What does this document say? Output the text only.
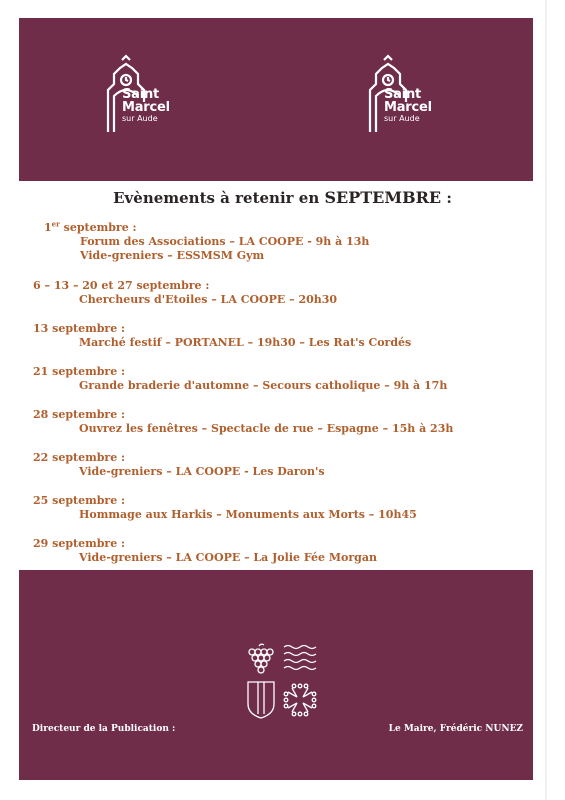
Saint
Marcel
sur Aude
Saint
Marcel
sur Aude
Evènements à retenir en SEPTEMBRE :
1er septembre :
Forum des Associations – LA COOPE - 9h à 13h
Vide-greniers – ESSMSM Gym
6 – 13 – 20 et 27 septembre :
Chercheurs d'Etoiles – LA COOPE – 20h30
13 septembre :
Marché festif – PORTANEL – 19h30 – Les Rat's Cordés
21 septembre :
Grande braderie d'automne – Secours catholique – 9h à 17h
28 septembre :
Ouvrez les fenêtres – Spectacle de rue – Espagne – 15h à 23h
22 septembre :
Vide-greniers – LA COOPE - Les Daron's
25 septembre :
Hommage aux Harkis – Monuments aux Morts – 10h45
29 septembre :
Vide-greniers – LA COOPE – La Jolie Fée Morgan
Directeur de la Publication :	Le Maire, Frédéric NUNEZ
